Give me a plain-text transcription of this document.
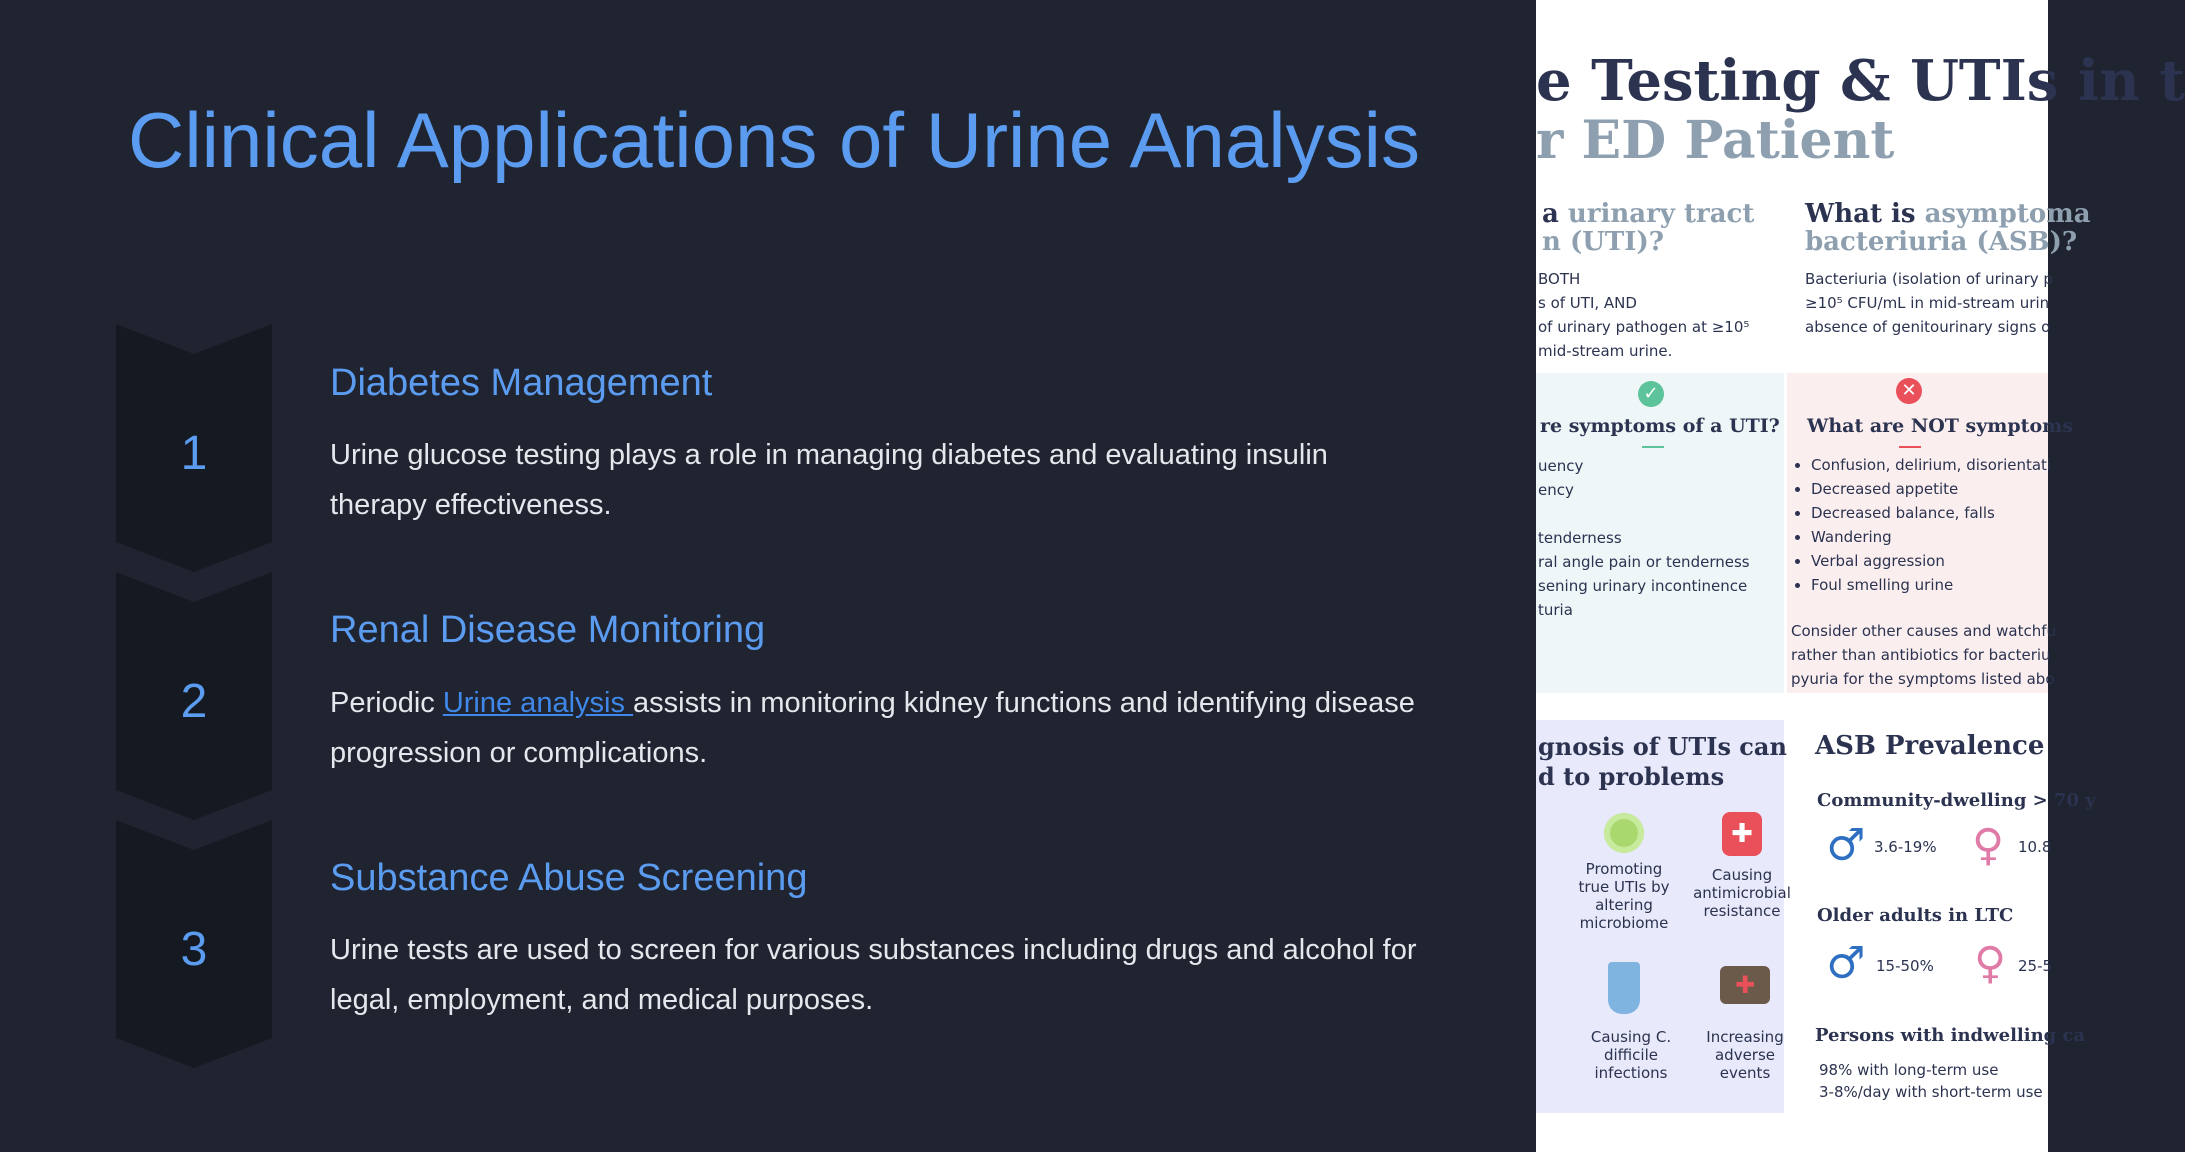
Clinical Applications of Urine Analysis
1
Diabetes Management

Urine glucose testing plays a role in managing diabetes and evaluating insulin therapy effectiveness.

2
Renal Disease Monitoring

Periodic Urine analysis assists in monitoring kidney functions and identifying disease progression or complications.

3
Substance Abuse Screening

Urine tests are used to screen for various substances including drugs and alcohol for legal, employment, and medical purposes.

e Testing & UTIs in t
r ED Patient
a urinary tract
n (UTI)?
BOTH
s of UTI, AND
of urinary pathogen at ≥10⁵
mid-stream urine.
What is asymptoma
bacteriuria (ASB)?
Bacteriuria (isolation of urinary p
≥10⁵ CFU/mL in mid-stream urin
absence of genitourinary signs o
✓
re symptoms of a UTI?
uency
ency
tenderness
ral angle pain or tenderness
sening urinary incontinence
turia
✕
What are NOT symptoms
• Confusion, delirium, disorientati
• Decreased appetite
• Decreased balance, falls
• Wandering
• Verbal aggression
• Foul smelling urine
Consider other causes and watchfu
rather than antibiotics for bacteriu
pyuria for the symptoms listed abo
gnosis of UTIs can
d to problems
Promoting true UTIs by altering microbiome
✚
Causing antimicrobial resistance
Causing C. difficile infections
✚
Increasing adverse events
ASB Prevalence
Community-dwelling > 70 y
♂ 3.6-19% ♀ 10.8
Older adults in LTC
♂ 15-50% ♀ 25-5
Persons with indwelling ca
98% with long-term use
3-8%/day with short-term use
